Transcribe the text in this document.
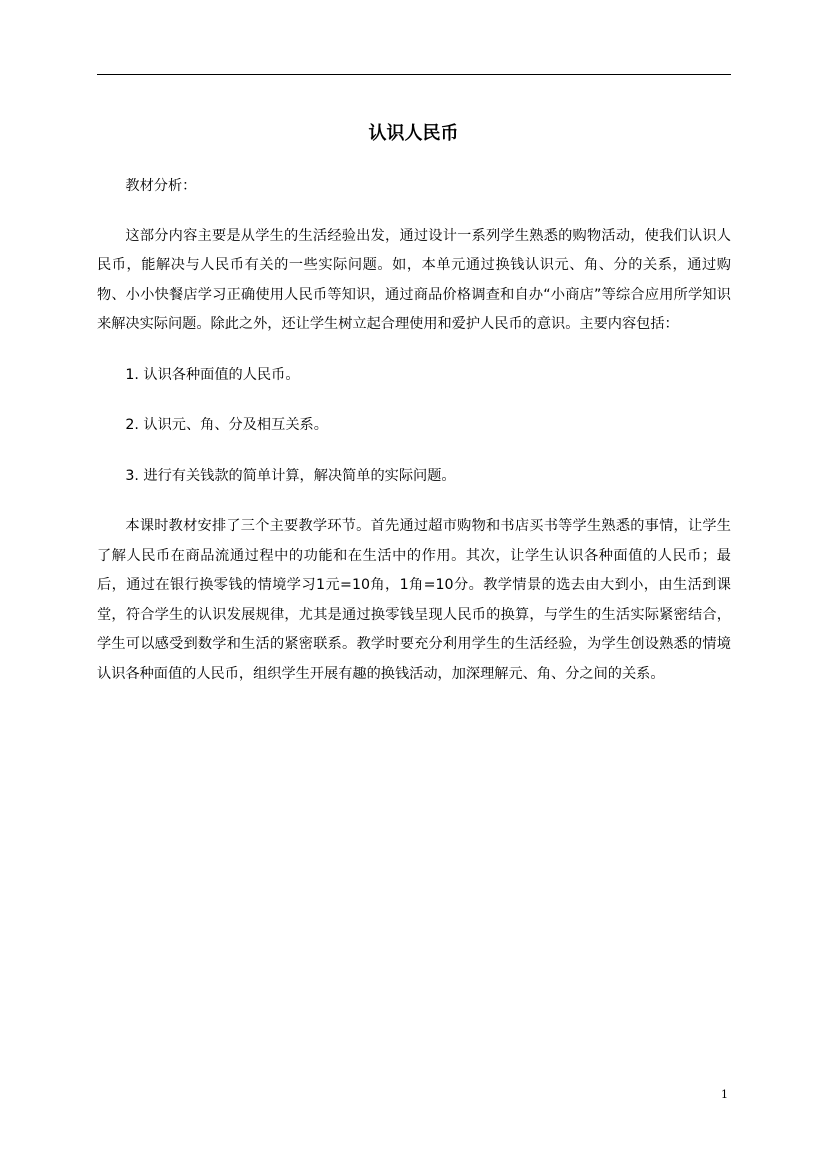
认识人民币

教材分析：

这部分内容主要是从学生的生活经验出发，通过设计一系列学生熟悉的购物活动，使我们认识人民币，能解决与人民币有关的一些实际问题。如，本单元通过换钱认识元、角、分的关系，通过购物、小小快餐店学习正确使用人民币等知识，通过商品价格调查和自办“小商店”等综合应用所学知识来解决实际问题。除此之外，还让学生树立起合理使用和爱护人民币的意识。主要内容包括：

1. 认识各种面值的人民币。

2. 认识元、角、分及相互关系。

3. 进行有关钱款的简单计算，解决简单的实际问题。

本课时教材安排了三个主要教学环节。首先通过超市购物和书店买书等学生熟悉的事情，让学生了解人民币在商品流通过程中的功能和在生活中的作用。其次，让学生认识各种面值的人民币；最后，通过在银行换零钱的情境学习1元=10角，1角=10分。教学情景的选去由大到小，由生活到课堂，符合学生的认识发展规律，尤其是通过换零钱呈现人民币的换算，与学生的生活实际紧密结合，学生可以感受到数学和生活的紧密联系。教学时要充分利用学生的生活经验，为学生创设熟悉的情境认识各种面值的人民币，组织学生开展有趣的换钱活动，加深理解元、角、分之间的关系。

1
